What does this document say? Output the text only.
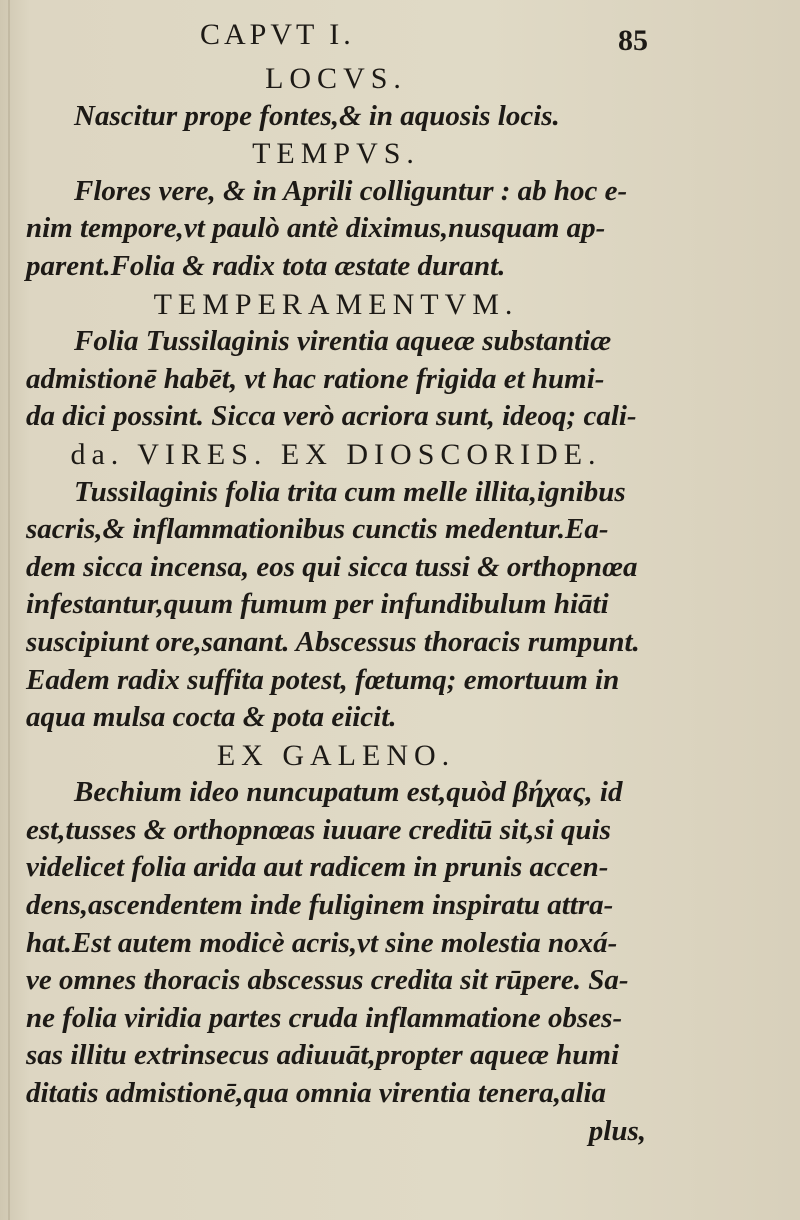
CAPVT I.	85
LOCVS.
Nascitur prope fontes,& in aquosis locis.
TEMPVS.
Flores vere, & in Aprili colliguntur : ab hoc e-
nim tempore,vt paulò antè diximus,nusquam ap-
parent.Folia & radix tota æstate durant.
TEMPERAMENTVM.
Folia Tussilaginis virentia aqueæ substantiæ
admistionē habēt, vt hac ratione frigida et humi-
da dici possint. Sicca verò acriora sunt, ideoq; cali-
da. VIRES. EX DIOSCORIDE.
Tussilaginis folia trita cum melle illita,ignibus
sacris,& inflammationibus cunctis medentur.Ea-
dem sicca incensa, eos qui sicca tussi & orthopnœa
infestantur,quum fumum per infundibulum hiāti
suscipiunt ore,sanant. Abscessus thoracis rumpunt.
Eadem radix suffita potest, fœtumq; emortuum in
aqua mulsa cocta & pota eiicit.
EX GALENO.
Bechium ideo nuncupatum est,quòd βήχας, id
est,tusses & orthopnœas iuuare creditū sit,si quis
videlicet folia arida aut radicem in prunis accen-
dens,ascendentem inde fuliginem inspiratu attra-
hat.Est autem modicè acris,vt sine molestia noxá-
ve omnes thoracis abscessus credita sit rūpere. Sa-
ne folia viridia partes cruda inflammatione obses-
sas illitu extrinsecus adiuuāt,propter aqueæ humi
ditatis admistionē,qua omnia virentia tenera,alia
plus,
